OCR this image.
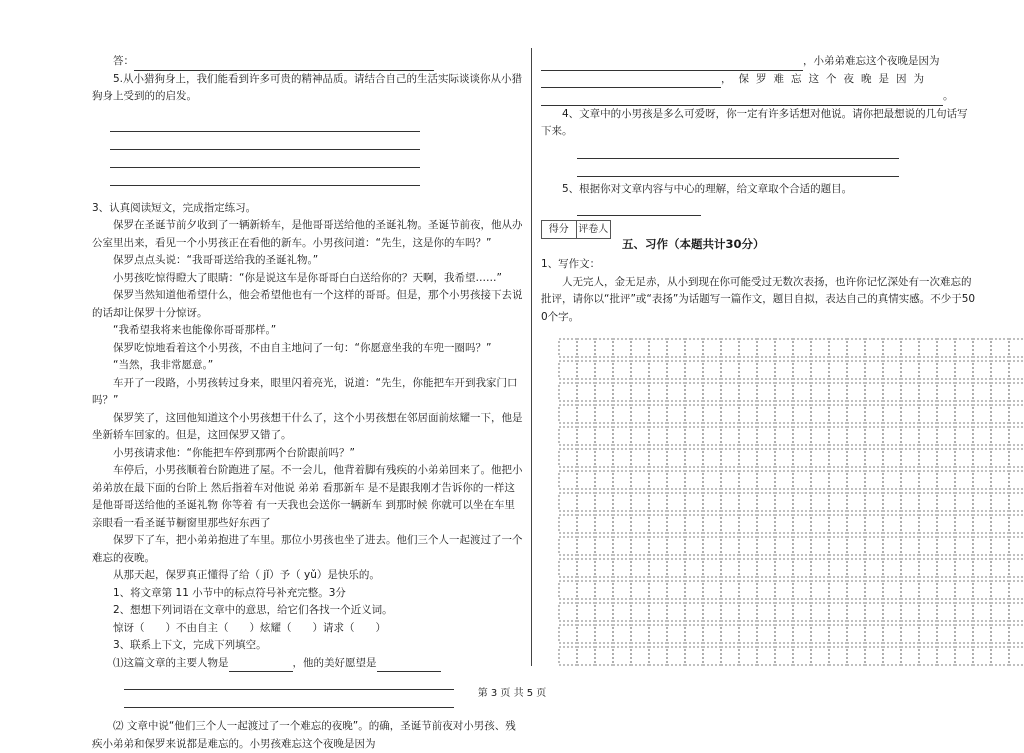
答：

5.从小猎狗身上，我们能看到许多可贵的精神品质。请结合自己的生活实际谈谈你从小猎狗身上受到的的启发。

3、认真阅读短文，完成指定练习。

保罗在圣诞节前夕收到了一辆新轿车，是他哥哥送给他的圣诞礼物。圣诞节前夜，他从办公室里出来，看见一个小男孩正在看他的新车。小男孩问道：“先生，这是你的车吗？”

保罗点点头说：“我哥哥送给我的圣诞礼物。”

小男孩吃惊得瞪大了眼睛：“你是说这车是你哥哥白白送给你的？天啊，我希望……”

保罗当然知道他希望什么，他会希望他也有一个这样的哥哥。但是，那个小男孩接下去说的话却让保罗十分惊讶。

“我希望我将来也能像你哥哥那样。”

保罗吃惊地看着这个小男孩，不由自主地问了一句：“你愿意坐我的车兜一圈吗？”

“当然，我非常愿意。”

车开了一段路，小男孩转过身来，眼里闪着亮光，说道：“先生，你能把车开到我家门口吗？”

保罗笑了，这回他知道这个小男孩想干什么了，这个小男孩想在邻居面前炫耀一下，他是坐新轿车回家的。但是，这回保罗又错了。

小男孩请求他：“你能把车停到那两个台阶跟前吗？”

车停后，小男孩顺着台阶跑进了屋。不一会儿，他背着脚有残疾的小弟弟回来了。他把小弟弟放在最下面的台阶上 然后指着车对他说 弟弟 看那新车 是不是跟我刚才告诉你的一样这是他哥哥送给他的圣诞礼物 你等着 有一天我也会送你一辆新车 到那时候 你就可以坐在车里亲眼看一看圣诞节橱窗里那些好东西了

保罗下了车，把小弟弟抱进了车里。那位小男孩也坐了进去。他们三个人一起渡过了一个难忘的夜晚。

从那天起，保罗真正懂得了给（ jǐ）予（ yǔ）是快乐的。

1、将文章第 11 小节中的标点符号补充完整。3分

2、想想下列词语在文章中的意思，给它们各找一个近义词。

惊讶（　　）不由自主（　　）炫耀（　　）请求（　　）

3、联系上下文，完成下列填空。

⑴这篇文章的主要人物是	，他的美好愿望是

⑵ 文章中说“他们三个人一起渡过了一个难忘的夜晚”。的确，圣诞节前夜对小男孩、残疾小弟弟和保罗来说都是难忘的。小男孩难忘这个夜晚是因为

，小弟弟难忘这个夜晚是因为

，保罗难忘这个夜晚是因为

。

4、文章中的小男孩是多么可爱呀，你一定有许多话想对他说。请你把最想说的几句话写下来。

5、根据你对文章内容与中心的理解，给文章取个合适的题目。

得分 评卷人
五、习作（本题共计30分）

1、写作文：

人无完人，金无足赤，从小到现在你可能受过无数次表扬，也许你记忆深处有一次难忘的批评，请你以“批评”或“表扬”为话题写一篇作文，题目自拟，表达自己的真情实感。不少于500个字。

第 3 页 共 5 页
